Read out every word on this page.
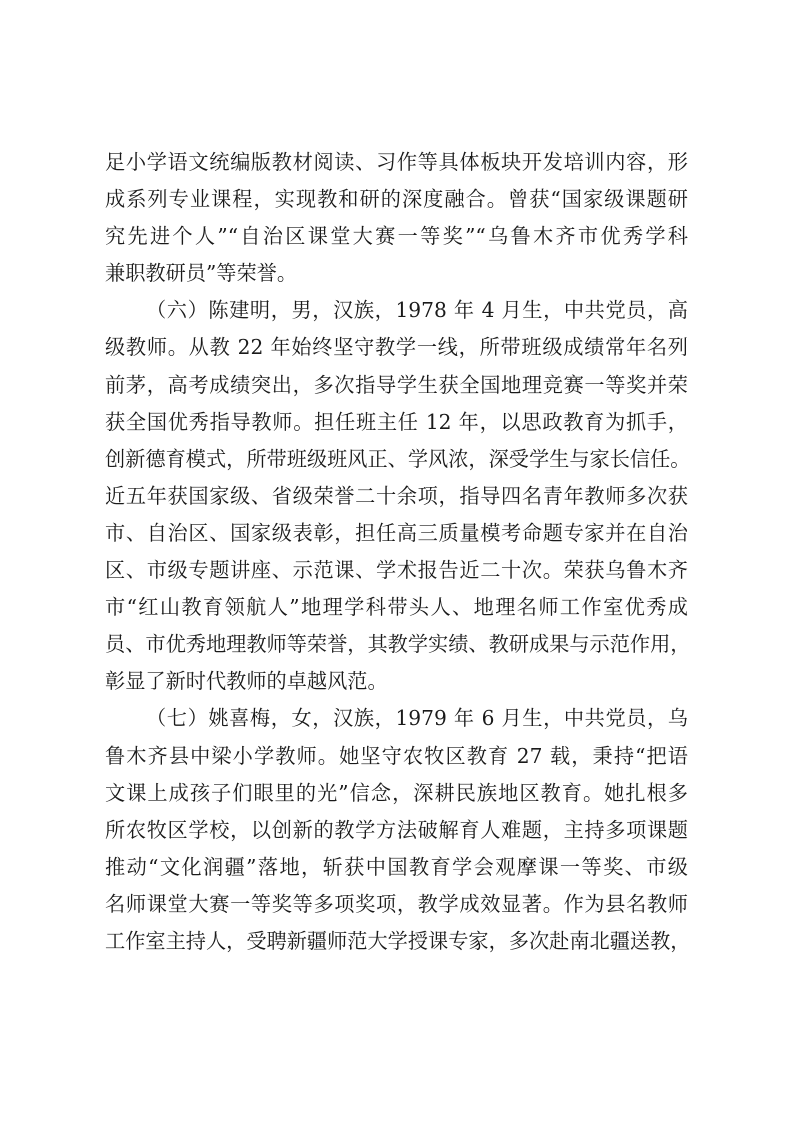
足小学语文统编版教材阅读、习作等具体板块开发培训内容，形
成系列专业课程，实现教和研的深度融合。曾获“国家级课题研
究先进个人”“自治区课堂大赛一等奖”“乌鲁木齐市优秀学科
兼职教研员”等荣誉。
（六）陈建明，男，汉族，1978 年 4 月生，中共党员，高
级教师。从教 22 年始终坚守教学一线，所带班级成绩常年名列
前茅，高考成绩突出，多次指导学生获全国地理竞赛一等奖并荣
获全国优秀指导教师。担任班主任 12 年，以思政教育为抓手，
创新德育模式，所带班级班风正、学风浓，深受学生与家长信任。
近五年获国家级、省级荣誉二十余项，指导四名青年教师多次获
市、自治区、国家级表彰，担任高三质量模考命题专家并在自治
区、市级专题讲座、示范课、学术报告近二十次。荣获乌鲁木齐
市“红山教育领航人”地理学科带头人、地理名师工作室优秀成
员、市优秀地理教师等荣誉，其教学实绩、教研成果与示范作用，
彰显了新时代教师的卓越风范。
（七）姚喜梅，女，汉族，1979 年 6 月生，中共党员，乌
鲁木齐县中梁小学教师。她坚守农牧区教育 27 载，秉持“把语
文课上成孩子们眼里的光”信念，深耕民族地区教育。她扎根多
所农牧区学校，以创新的教学方法破解育人难题，主持多项课题
推动“文化润疆”落地，斩获中国教育学会观摩课一等奖、市级
名师课堂大赛一等奖等多项奖项，教学成效显著。作为县名教师
工作室主持人，受聘新疆师范大学授课专家，多次赴南北疆送教，
